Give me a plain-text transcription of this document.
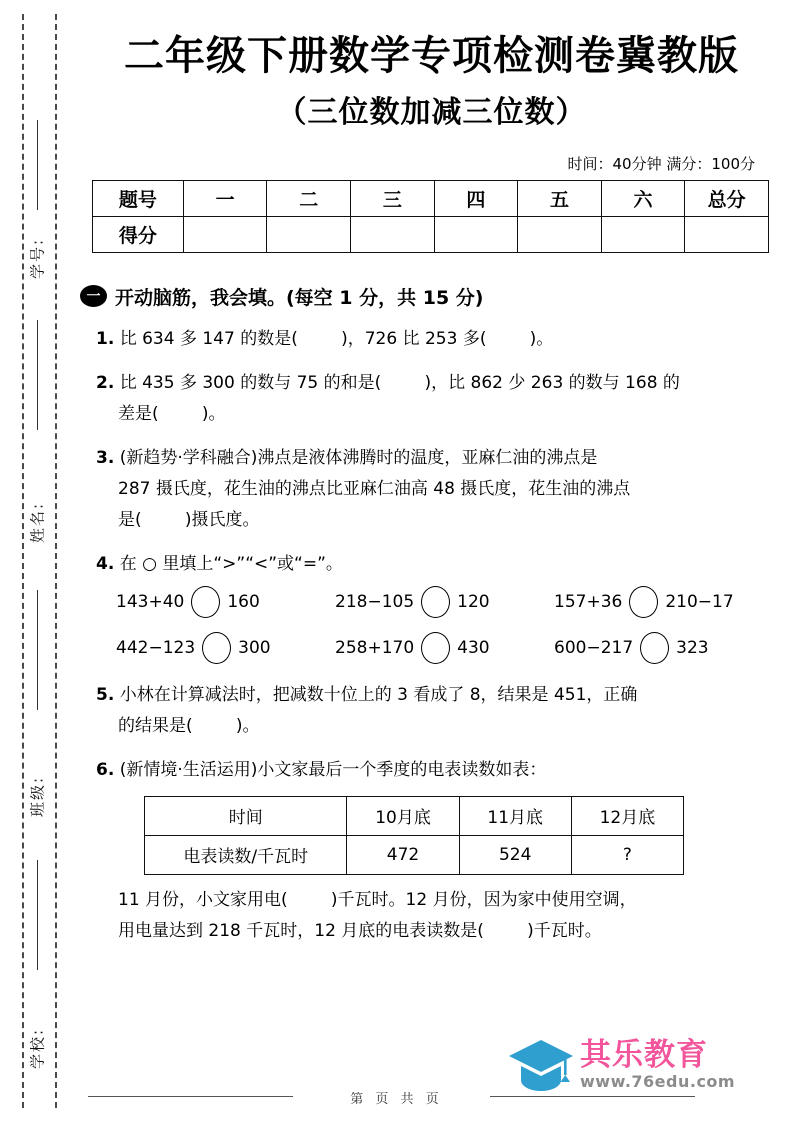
学号:
姓名:
班级:
学校:
二年级下册数学专项检测卷冀教版
（三位数加减三位数）
时间：40分钟 满分：100分
题号	一	二	三	四	五	六	总分
得分							
一 开动脑筋，我会填。(每空 1 分，共 15 分)
1. 比 634 多 147 的数是(        )，726 比 253 多(        )。
2. 比 435 多 300 的数与 75 的和是(        )，比 862 少 263 的数与 168 的
差是(        )。
3. (新趋势·学科融合)沸点是液体沸腾时的温度，亚麻仁油的沸点是
287 摄氏度，花生油的沸点比亚麻仁油高 48 摄氏度，花生油的沸点
是(        )摄氏度。
4. 在 ○ 里填上“>”“<”或“=”。
143+40	160	218−105	120	157+36	210−17
442−123	300	258+170	430	600−217	323
5. 小林在计算减法时，把减数十位上的 3 看成了 8，结果是 451，正确
的结果是(        )。
6. (新情境·生活运用)小文家最后一个季度的电表读数如表：
时间	10月底	11月底	12月底
电表读数/千瓦时	472	524	?
11 月份，小文家用电(        )千瓦时。12 月份，因为家中使用空调，
用电量达到 218 千瓦时，12 月底的电表读数是(        )千瓦时。
其乐教育
www.76edu.com
第 页 共 页
